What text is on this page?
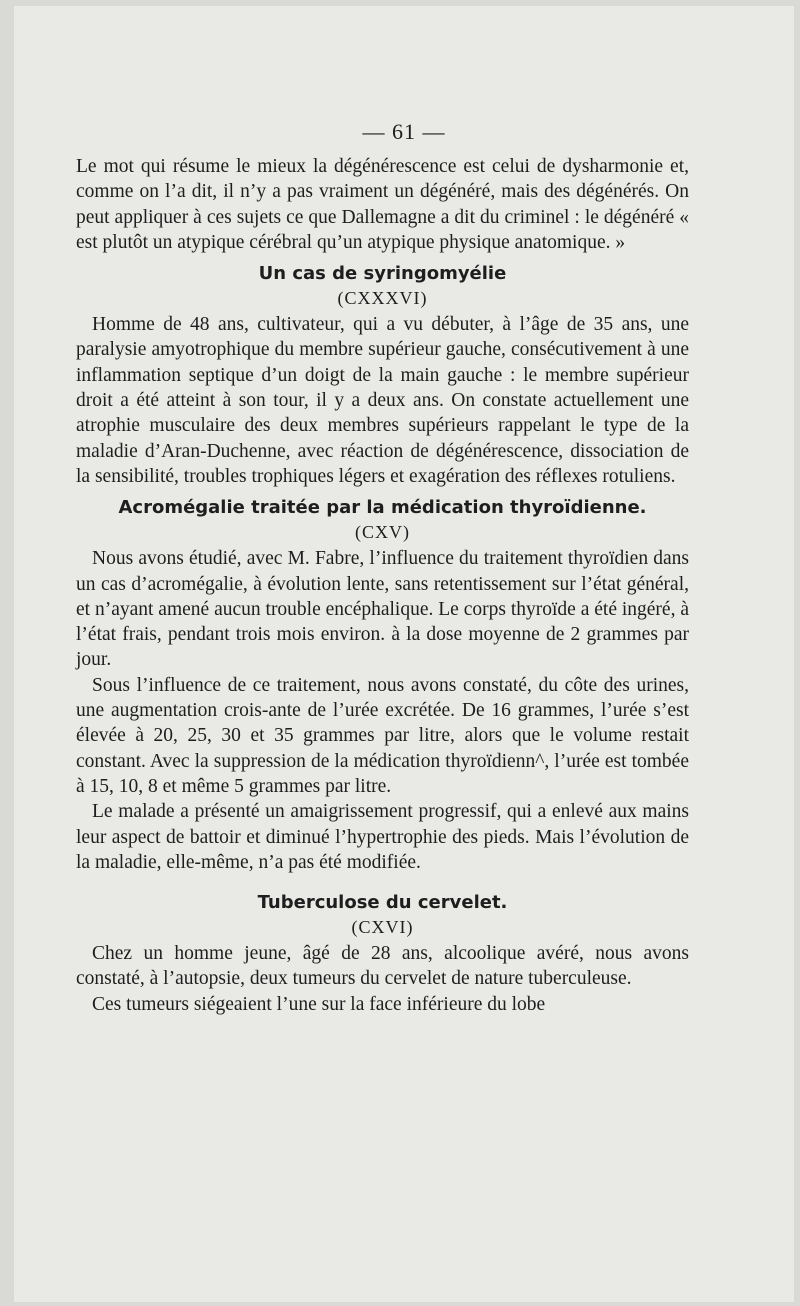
— 61 —

Le mot qui résume le mieux la dégénérescence est celui de dysharmonie et, comme on l’a dit, il n’y a pas vraiment un dégénéré, mais des dégénérés. On peut appliquer à ces sujets ce que Dallemagne a dit du criminel : le dégénéré « est plutôt un atypique cérébral qu’un atypique physique anatomique. »

Un cas de syringomyélie
(CXXXVI)

Homme de 48 ans, cultivateur, qui a vu débuter, à l’âge de 35 ans, une paralysie amyotrophique du membre supérieur gauche, consécutivement à une inflammation septique d’un doigt de la main gauche : le membre supérieur droit a été atteint à son tour, il y a deux ans. On constate actuellement une atrophie musculaire des deux membres supérieurs rappelant le type de la maladie d’Aran-Duchenne, avec réaction de dégénérescence, dissociation de la sensibilité, troubles trophiques légers et exagération des réflexes rotuliens.

Acromégalie traitée par la médication thyroïdienne.
(CXV)

Nous avons étudié, avec M. Fabre, l’influence du traitement thyroïdien dans un cas d’acromégalie, à évolution lente, sans retentissement sur l’état général, et n’ayant amené aucun trouble encéphalique. Le corps thyroïde a été ingéré, à l’état frais, pendant trois mois environ. à la dose moyenne de 2 grammes par jour.

Sous l’influence de ce traitement, nous avons constaté, du côte des urines, une augmentation crois-ante de l’urée excrétée. De 16 grammes, l’urée s’est élevée à 20, 25, 30 et 35 grammes par litre, alors que le volume restait constant. Avec la suppression de la médication thyroïdienn^, l’urée est tombée à 15, 10, 8 et même 5 grammes par litre.

Le malade a présenté un amaigrissement progressif, qui a enlevé aux mains leur aspect de battoir et diminué l’hypertrophie des pieds. Mais l’évolution de la maladie, elle-même, n’a pas été modifiée.

Tuberculose du cervelet.
(CXVI)

Chez un homme jeune, âgé de 28 ans, alcoolique avéré, nous avons constaté, à l’autopsie, deux tumeurs du cervelet de nature tuberculeuse.

Ces tumeurs siégeaient l’une sur la face inférieure du lobe
